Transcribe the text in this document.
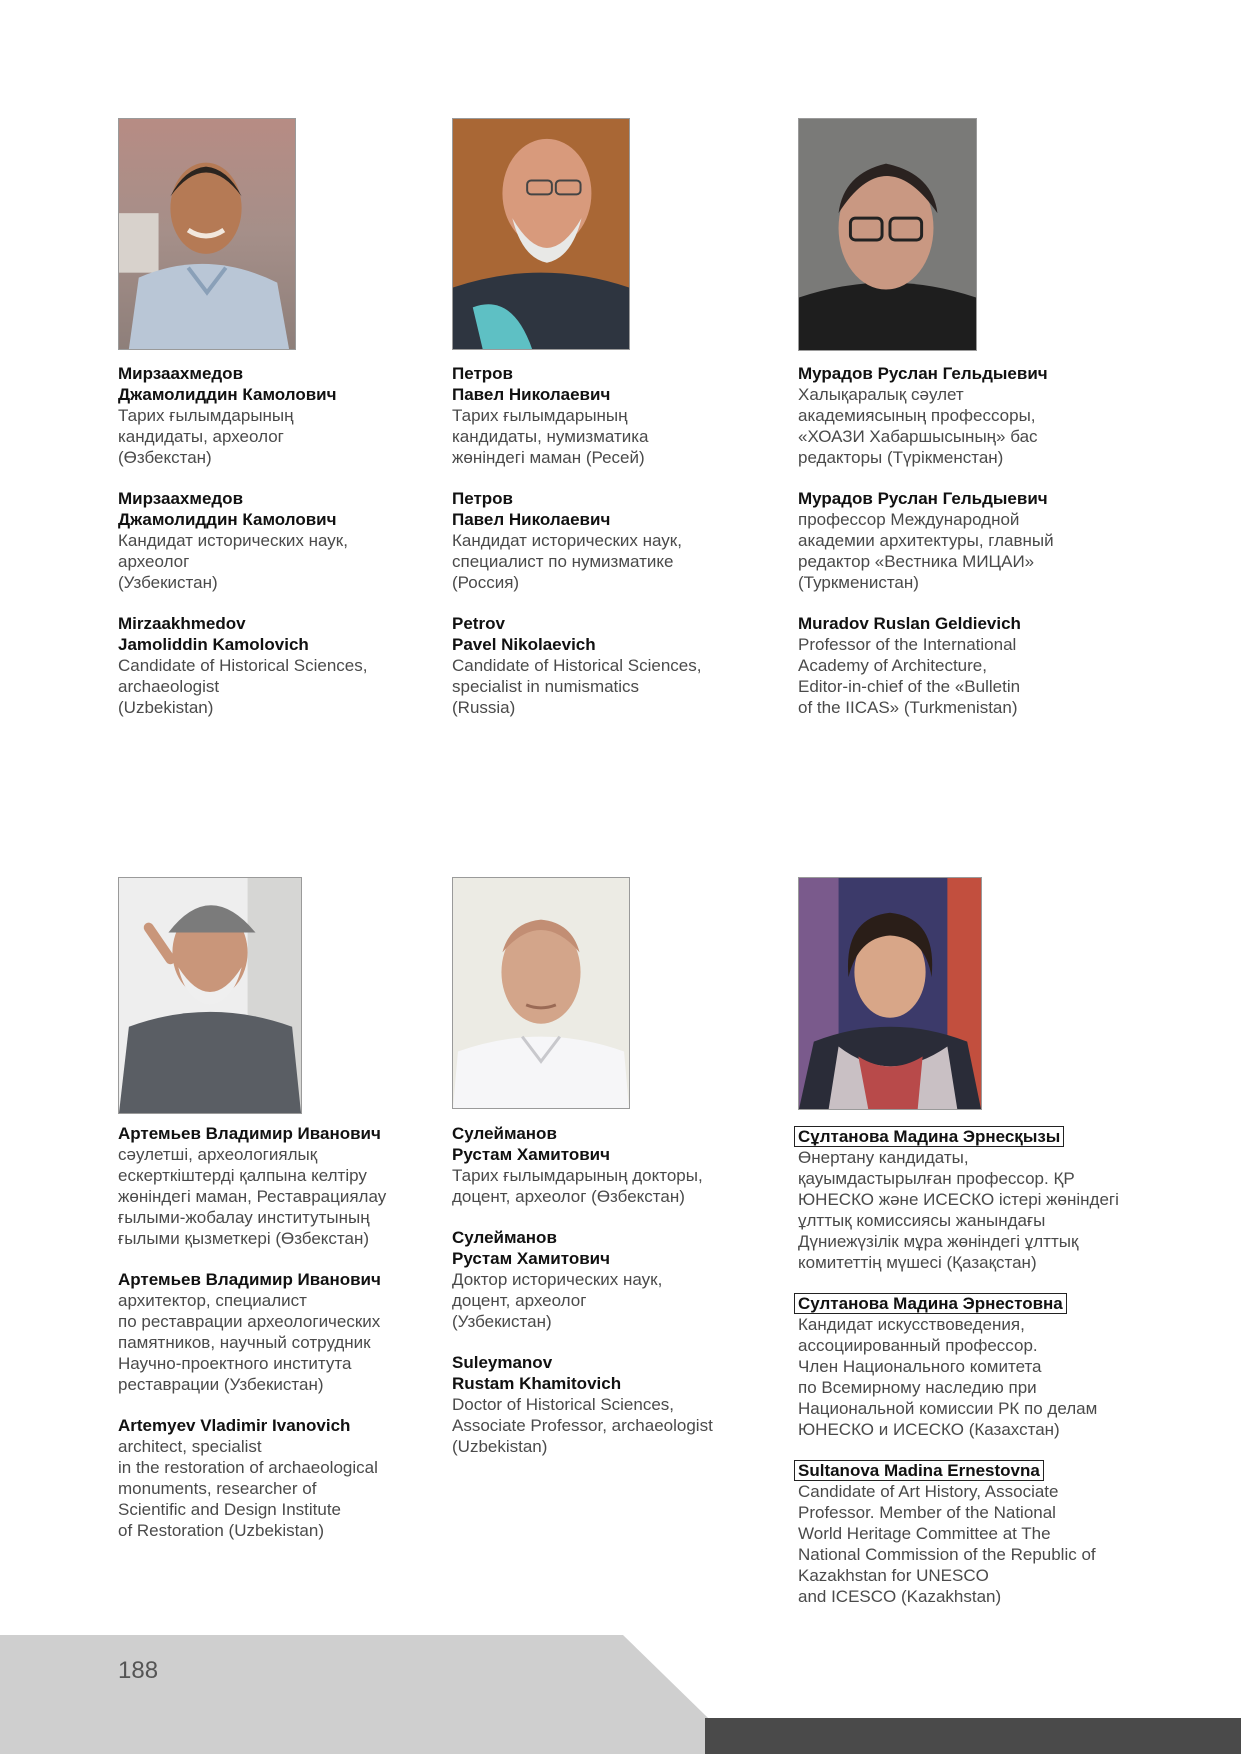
Мирзаахмедов
Джамолиддин Камолович
Тарих ғылымдарының
кандидаты, археолог
(Өзбекстан)
Мирзаахмедов
Джамолиддин Камолович
Кандидат исторических наук,
археолог
(Узбекистан)
Mirzaakhmedov
Jamoliddin Kamolovich
Candidate of Historical Sciences,
archaeologist
(Uzbekistan)
Петров
Павел Николаевич
Тарих ғылымдарының
кандидаты, нумизматика
жөніндегі маман (Ресей)
Петров
Павел Николаевич
Кандидат исторических наук,
специалист по нумизматике
(Россия)
Petrov
Pavel Nikolaevich
Candidate of Historical Sciences,
specialist in numismatics
(Russia)
Мурадов Руслан Гельдыевич
Халықаралық сәулет
академиясының профессоры,
«ХОАЗИ Хабаршысының» бас
редакторы (Түрікменстан)
Мурадов Руслан Гельдыевич
профессор Международной
академии архитектуры, главный
редактор «Вестника МИЦАИ»
(Туркменистан)
Muradov Ruslan Geldievich
Professor of the International
Academy of Architecture,
Editor-in-chief of the «Bulletin
of the IICAS» (Turkmenistan)
Артемьев Владимир Иванович
сәулетші, археологиялық
ескерткіштерді қалпына келтіру
жөніндегі маман, Реставрациялау
ғылыми-жобалау институтының
ғылыми қызметкері (Өзбекстан)
Артемьев Владимир Иванович
архитектор, специалист
по реставрации археологических
памятников, научный сотрудник
Научно-проектного института
реставрации (Узбекистан)
Artemyev Vladimir Ivanovich
architect, specialist
in the restoration of archaeological
monuments, researcher of
Scientific and Design Institute
of Restoration (Uzbekistan)
Сулейманов
Рустам Хамитович
Тарих ғылымдарының докторы,
доцент, археолог (Өзбекстан)
Сулейманов
Рустам Хамитович
Доктор исторических наук,
доцент, археолог
(Узбекистан)
Suleymanov
Rustam Khamitovich
Doctor of Historical Sciences,
Associate Professor, archaeologist
(Uzbekistan)
Сұлтанова Мадина Эрнесқызы
Өнертану кандидаты,
қауымдастырылған профессор. ҚР
ЮНЕСКО және ИСЕСКО істері жөніндегі
ұлттық комиссиясы жанындағы
Дүниежүзілік мұра жөніндегі ұлттық
комитеттің мүшесі (Қазақстан)
Султанова Мадина Эрнестовна
Кандидат искусствоведения,
ассоциированный профессор.
Член Национального комитета
по Всемирному наследию при
Национальной комиссии РК по делам
ЮНЕСКО и ИСЕСКО (Казахстан)
Sultanova Madina Ernestovna
Candidate of Art History, Associate
Professor. Member of the National
World Heritage Committee at The
National Commission of the Republic of
Kazakhstan for UNESCO
and ICESCO (Kazakhstan)
188
